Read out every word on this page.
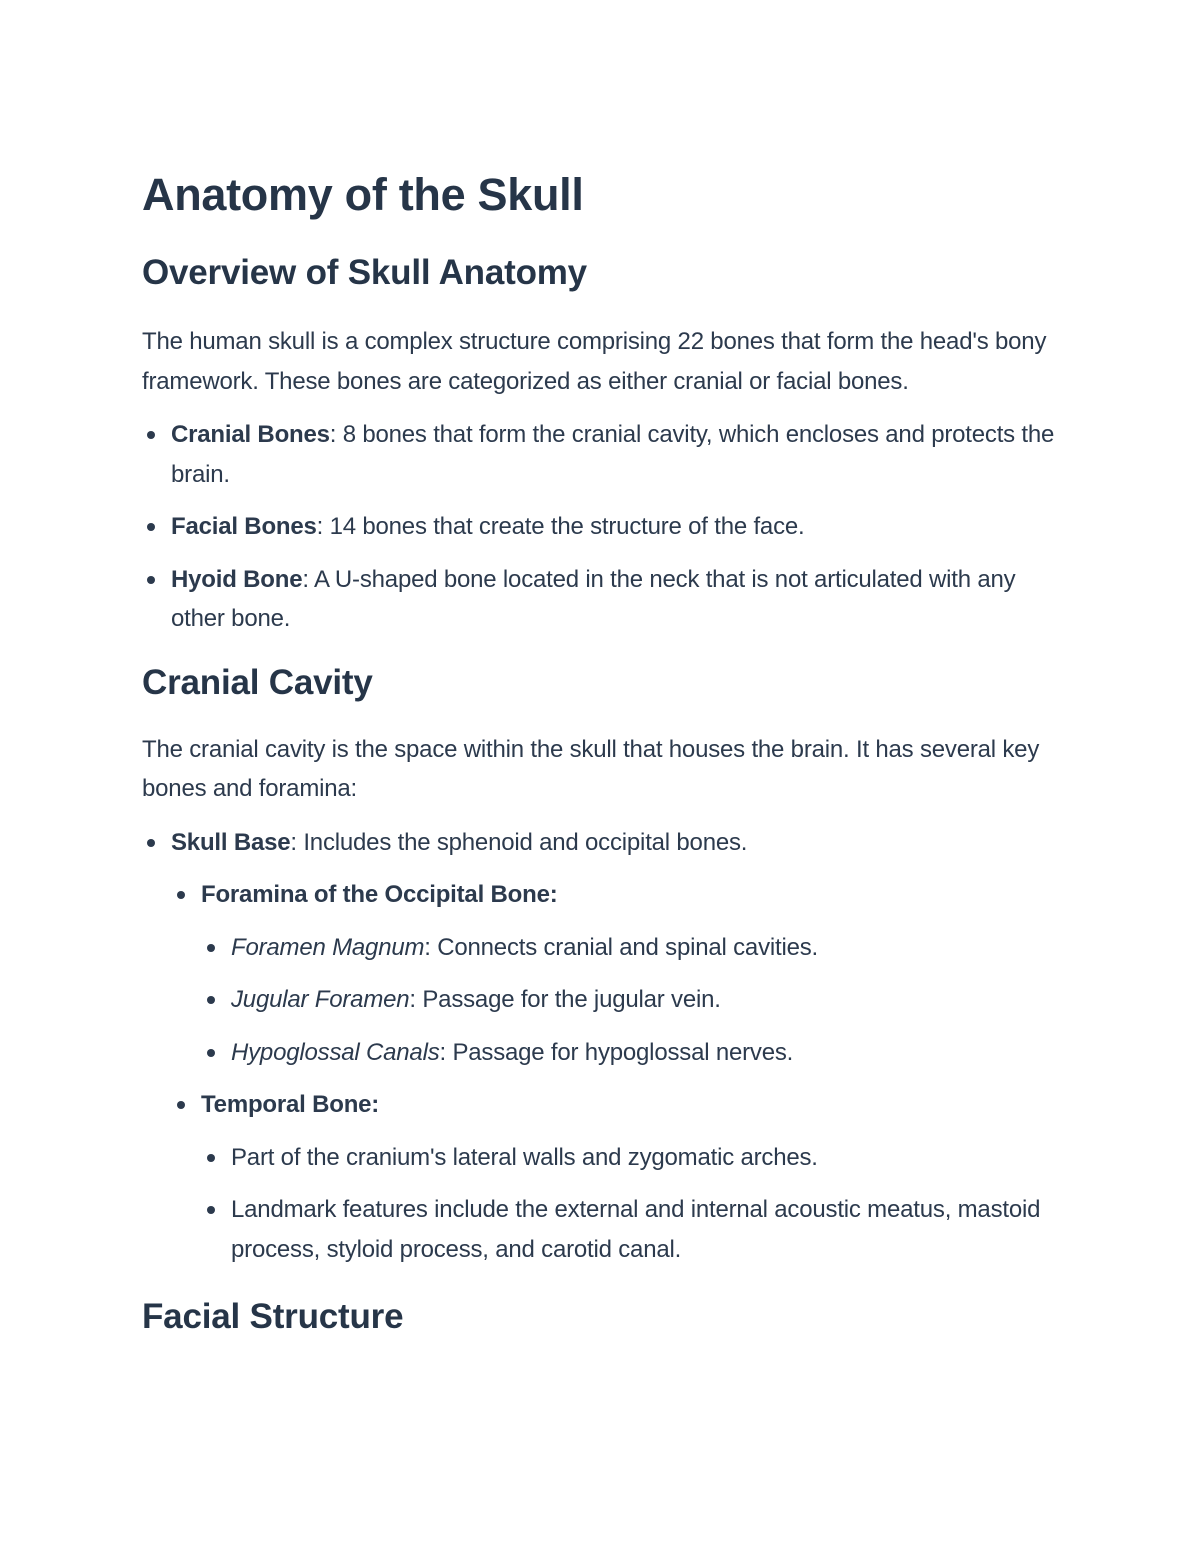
Anatomy of the Skull
Overview of Skull Anatomy

The human skull is a complex structure comprising 22 bones that form the head's bony framework. These bones are categorized as either cranial or facial bones.

Cranial Bones: 8 bones that form the cranial cavity, which encloses and protects the brain.
Facial Bones: 14 bones that create the structure of the face.
Hyoid Bone: A U-shaped bone located in the neck that is not articulated with any other bone.
Cranial Cavity

The cranial cavity is the space within the skull that houses the brain. It has several key bones and foramina:

Skull Base: Includes the sphenoid and occipital bones.
Foramina of the Occipital Bone:
Foramen Magnum: Connects cranial and spinal cavities.
Jugular Foramen: Passage for the jugular vein.
Hypoglossal Canals: Passage for hypoglossal nerves.
Temporal Bone:
Part of the cranium's lateral walls and zygomatic arches.
Landmark features include the external and internal acoustic meatus, mastoid process, styloid process, and carotid canal.
Facial Structure
